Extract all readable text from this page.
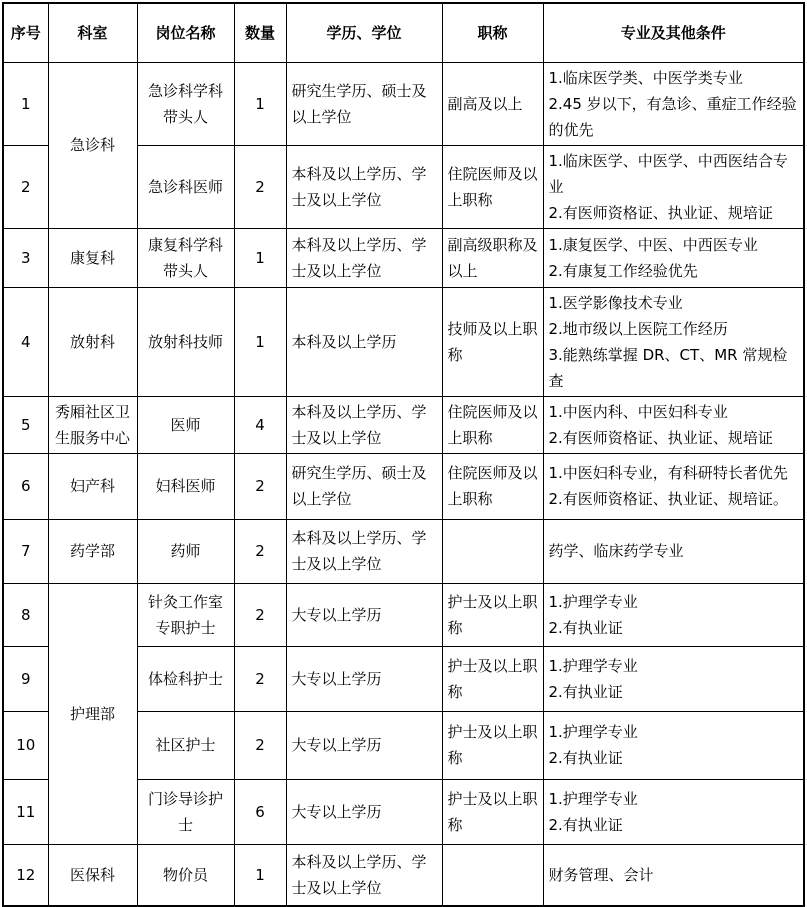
序号	科室	岗位名称	数量	学历、学位	职称	专业及其他条件
1	急诊科	急诊科学科带头人	1	研究生学历、硕士及以上学位	副高及以上	1.临床医学类、中医学类专业
2.45 岁以下，有急诊、重症工作经验的优先

2		急诊科医师	2	本科及以上学历、学士及以上学位	住院医师及以上职称	1.临床医学、中医学、中西医结合专业
2.有医师资格证、执业证、规培证

3	康复科	康复科学科带头人	1	本科及以上学历、学士及以上学位	副高级职称及以上	1.康复医学、中医、中西医专业
2.有康复工作经验优先

4	放射科	放射科技师	1	本科及以上学历	技师及以上职称	1.医学影像技术专业
2.地市级以上医院工作经历
3.能熟练掌握 DR、CT、MR 常规检查

5	秀厢社区卫生服务中心	医师	4	本科及以上学历、学士及以上学位	住院医师及以上职称	1.中医内科、中医妇科专业
2.有医师资格证、执业证、规培证

6	妇产科	妇科医师	2	研究生学历、硕士及以上学位	住院医师及以上职称	1.中医妇科专业，有科研特长者优先
2.有医师资格证、执业证、规培证。

7	药学部	药师	2	本科及以上学历、学士及以上学位		药学、临床药学专业

8	护理部	针灸工作室专职护士	2	大专以上学历	护士及以上职称	1.护理学专业
2.有执业证

9		体检科护士	2	大专以上学历	护士及以上职称	1.护理学专业
2.有执业证

10		社区护士	2	大专以上学历	护士及以上职称	1.护理学专业
2.有执业证

11		门诊导诊护士	6	大专以上学历	护士及以上职称	1.护理学专业
2.有执业证

12	医保科	物价员	1	本科及以上学历、学士及以上学位		财务管理、会计
